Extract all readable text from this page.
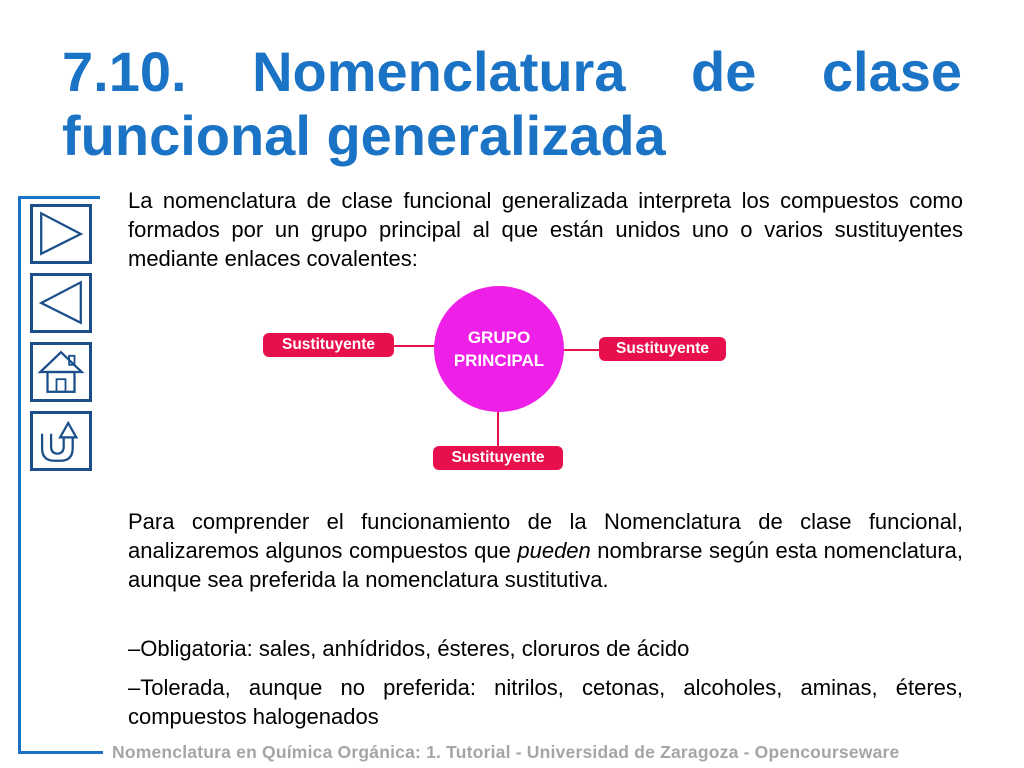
7.10. Nomenclatura de clase
funcional generalizada
La nomenclatura de clase funcional generalizada interpreta los compuestos como formados por un grupo principal al que están unidos uno o varios sustituyentes mediante enlaces covalentes:
GRUPO
PRINCIPAL
Sustituyente	Sustituyente
Sustituyente
Para comprender el funcionamiento de la Nomenclatura de clase funcional, analizaremos algunos compuestos que pueden nombrarse según esta nomenclatura, aunque sea preferida la nomenclatura sustitutiva.
–Obligatoria: sales, anhídridos, ésteres, cloruros de ácido
–Tolerada, aunque no preferida: nitrilos, cetonas, alcoholes, aminas, éteres, compuestos halogenados
Nomenclatura en Química Orgánica: 1. Tutorial - Universidad de Zaragoza - Opencourseware
